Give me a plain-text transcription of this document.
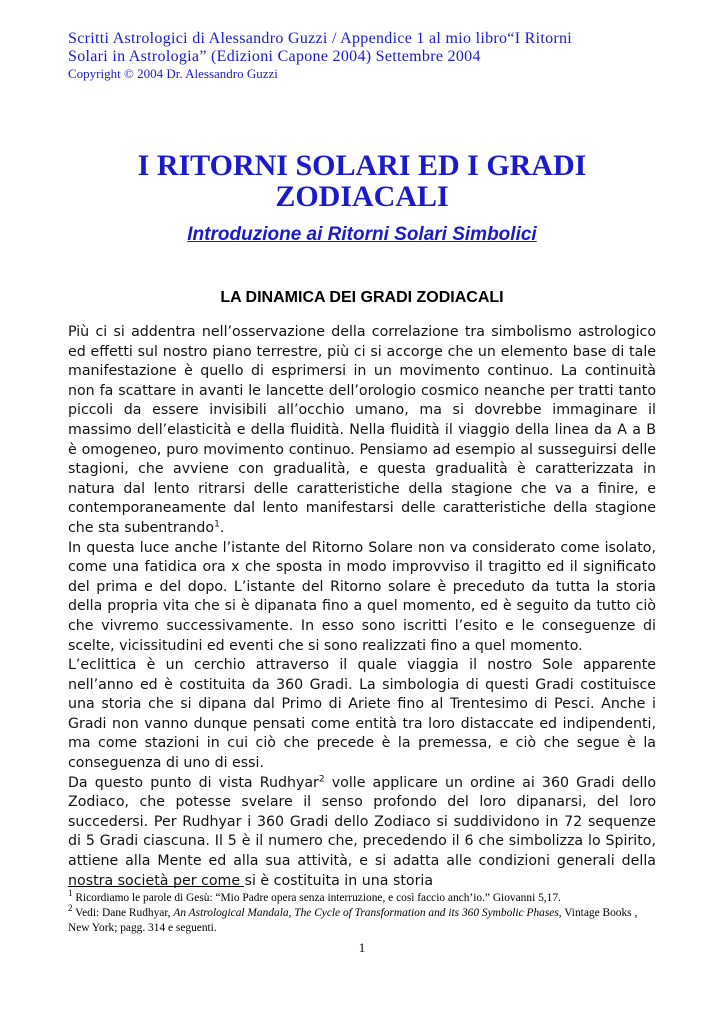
Scritti Astrologici di Alessandro Guzzi / Appendice 1 al mio libro“I Ritorni
Solari in Astrologia” (Edizioni Capone 2004) Settembre 2004
Copyright © 2004 Dr. Alessandro Guzzi
I RITORNI SOLARI ED I GRADI
ZODIACALI
Introduzione ai Ritorni Solari Simbolici
LA DINAMICA DEI GRADI ZODIACALI

Più ci si addentra nell’osservazione della correlazione tra simbolismo astrologico ed effetti sul nostro piano terrestre, più ci si accorge che un elemento base di tale manifestazione è quello di esprimersi in un movimento continuo. La continuità non fa scattare in avanti le lancette dell’orologio cosmico neanche per tratti tanto piccoli da essere invisibili all’occhio umano, ma si dovrebbe immaginare il massimo dell’elasticità e della fluidità. Nella fluidità il viaggio della linea da A a B è omogeneo, puro movimento continuo. Pensiamo ad esempio al susseguirsi delle stagioni, che avviene con gradualità, e questa gradualità è caratterizzata in natura dal lento ritrarsi delle caratteristiche della stagione che va a finire, e contemporaneamente dal lento manifestarsi delle caratteristiche della stagione che sta subentrando$^1$.

In questa luce anche l’istante del Ritorno Solare non va considerato come isolato, come una fatidica ora x che sposta in modo improvviso il tragitto ed il significato del prima e del dopo. L’istante del Ritorno solare è preceduto da tutta la storia della propria vita che si è dipanata fino a quel momento, ed è seguito da tutto ciò che vivremo successivamente. In esso sono iscritti l’esito e le conseguenze di scelte, vicissitudini ed eventi che si sono realizzati fino a quel momento.

L’eclittica è un cerchio attraverso il quale viaggia il nostro Sole apparente nell’anno ed è costituita da 360 Gradi. La simbologia di questi Gradi costituisce una storia che si dipana dal Primo di Ariete fino al Trentesimo di Pesci. Anche i Gradi non vanno dunque pensati come entità tra loro distaccate ed indipendenti, ma come stazioni in cui ciò che precede è la premessa, e ciò che segue è la conseguenza di uno di essi.

Da questo punto di vista Rudhyar$^2$ volle applicare un ordine ai 360 Gradi dello Zodiaco, che potesse svelare il senso profondo del loro dipanarsi, del loro succedersi. Per Rudhyar i 360 Gradi dello Zodiaco si suddividono in 72 sequenze di 5 Gradi ciascuna. Il 5 è il numero che, precedendo il 6 che simbolizza lo Spirito, attiene alla Mente ed alla sua attività, e si adatta alle condizioni generali della nostra società per come si è costituita in una storia

$^1$ Ricordiamo le parole di Gesù: “Mio Padre opera senza interruzione, e così faccio anch’io.” Giovanni 5,17.

$^2$ Vedi: Dane Rudhyar, An Astrological Mandala, The Cycle of Transformation and its 360 Symbolic Phases, Vintage Books , New York; pagg. 314 e seguenti.

1
